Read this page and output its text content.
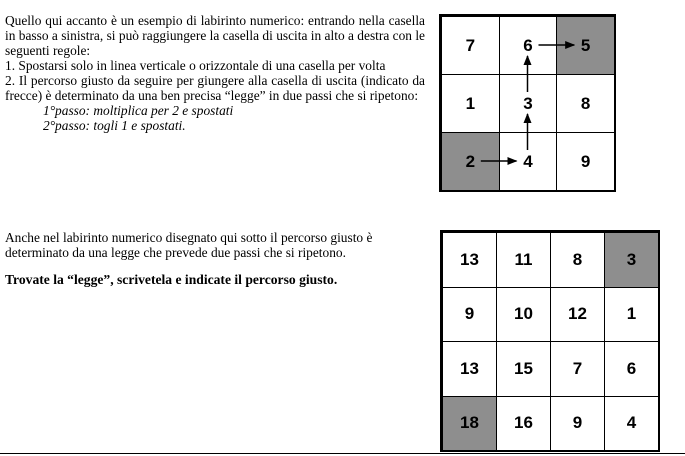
Quello qui accanto è un esempio di labirinto numerico: entrando nella casella in basso a sinistra, si può raggiungere la casella di uscita in alto a destra con le seguenti regole:

1. Spostarsi solo in linea verticale o orizzontale di una casella per volta

2. Il percorso giusto da seguire per giungere alla casella di uscita (indicato da frecce) è determinato da una ben precisa “legge” in due passi che si ripetono:

1°passo: moltiplica per 2 e spostati

2°passo: togli 1 e spostati.

Anche nel labirinto numerico disegnato qui sotto il percorso giusto è determinato da una legge che prevede due passi che si ripetono.

Trovate la “legge”, scrivetela e indicate il percorso giusto.

7	6	5
1	3	8
2	4	9
13	11	8	3
9	10	12	1
13	15	7	6
18	16	9	4
